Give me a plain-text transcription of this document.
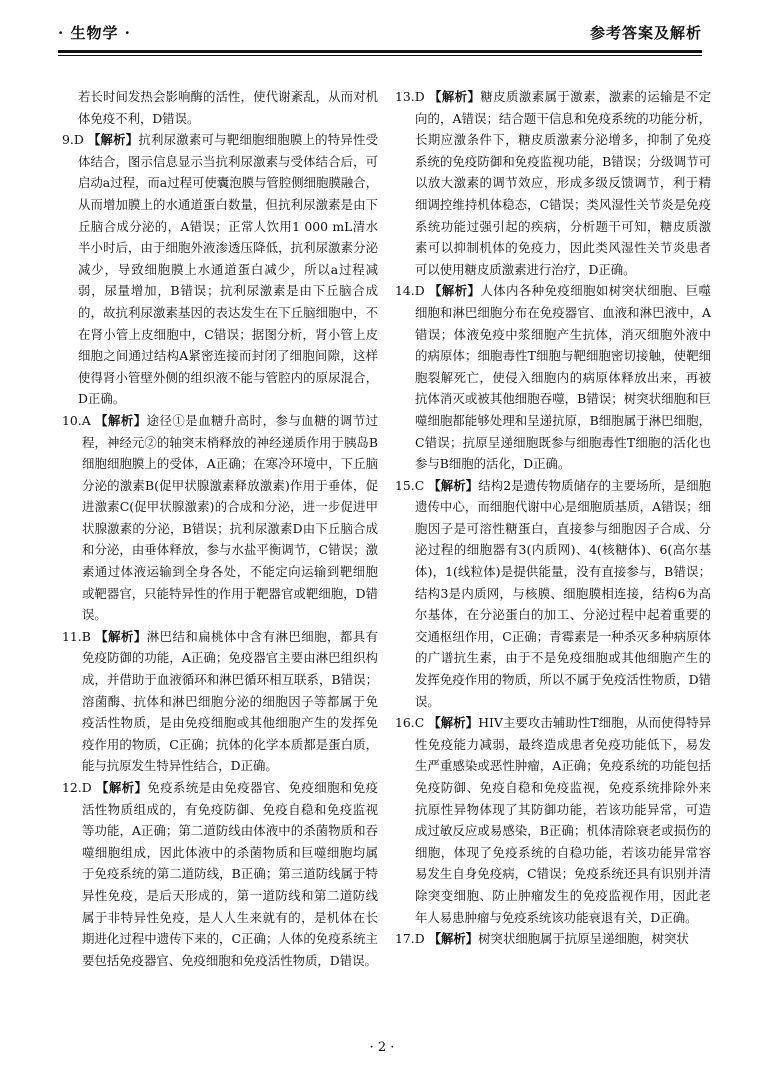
· 生物学 ·	参考答案及解析

若长时间发热会影响酶的活性，使代谢紊乱，从而对机体免疫不利，D错误。

9.D 【解析】抗利尿激素可与靶细胞细胞膜上的特异性受体结合，图示信息显示当抗利尿激素与受体结合后，可启动a过程，而a过程可使囊泡膜与管腔侧细胞膜融合，从而增加膜上的水通道蛋白数量，但抗利尿激素是由下丘脑合成分泌的，A错误；正常人饮用1 000 mL清水半小时后，由于细胞外液渗透压降低，抗利尿激素分泌减少，导致细胞膜上水通道蛋白减少，所以a过程减弱，尿量增加，B错误；抗利尿激素是由下丘脑合成的，故抗利尿激素基因的表达发生在下丘脑细胞中，不在肾小管上皮细胞中，C错误；据图分析，肾小管上皮细胞之间通过结构A紧密连接而封闭了细胞间隙，这样使得肾小管壁外侧的组织液不能与管腔内的原尿混合，D正确。

10.A 【解析】途径①是血糖升高时，参与血糖的调节过程，神经元②的轴突末梢释放的神经递质作用于胰岛B细胞细胞膜上的受体，A正确；在寒冷环境中，下丘脑分泌的激素B(促甲状腺激素释放激素)作用于垂体，促进激素C(促甲状腺激素)的合成和分泌，进一步促进甲状腺激素的分泌，B错误；抗利尿激素D由下丘脑合成和分泌，由垂体释放，参与水盐平衡调节，C错误；激素通过体液运输到全身各处，不能定向运输到靶细胞或靶器官，只能特异性的作用于靶器官或靶细胞，D错误。

11.B 【解析】淋巴结和扁桃体中含有淋巴细胞，都具有免疫防御的功能，A正确；免疫器官主要由淋巴组织构成，并借助于血液循环和淋巴循环相互联系，B错误；溶菌酶、抗体和淋巴细胞分泌的细胞因子等都属于免疫活性物质，是由免疫细胞或其他细胞产生的发挥免疫作用的物质，C正确；抗体的化学本质都是蛋白质，能与抗原发生特异性结合，D正确。

12.D 【解析】免疫系统是由免疫器官、免疫细胞和免疫活性物质组成的，有免疫防御、免疫自稳和免疫监视等功能，A正确；第二道防线由体液中的杀菌物质和吞噬细胞组成，因此体液中的杀菌物质和巨噬细胞均属于免疫系统的第二道防线，B正确；第三道防线属于特异性免疫，是后天形成的，第一道防线和第二道防线属于非特异性免疫，是人人生来就有的，是机体在长期进化过程中遗传下来的，C正确；人体的免疫系统主要包括免疫器官、免疫细胞和免疫活性物质，D错误。

13.D 【解析】糖皮质激素属于激素，激素的运输是不定向的，A错误；结合题干信息和免疫系统的功能分析，长期应激条件下，糖皮质激素分泌增多，抑制了免疫系统的免疫防御和免疫监视功能，B错误；分级调节可以放大激素的调节效应，形成多级反馈调节，利于精细调控维持机体稳态，C错误；类风湿性关节炎是免疫系统功能过强引起的疾病，分析题干可知，糖皮质激素可以抑制机体的免疫力，因此类风湿性关节炎患者可以使用糖皮质激素进行治疗，D正确。

14.D 【解析】人体内各种免疫细胞如树突状细胞、巨噬细胞和淋巴细胞分布在免疫器官、血液和淋巴液中，A错误；体液免疫中浆细胞产生抗体，消灭细胞外液中的病原体；细胞毒性T细胞与靶细胞密切接触，使靶细胞裂解死亡，使侵入细胞内的病原体释放出来，再被抗体消灭或被其他细胞吞噬，B错误；树突状细胞和巨噬细胞都能够处理和呈递抗原，B细胞属于淋巴细胞，C错误；抗原呈递细胞既参与细胞毒性T细胞的活化也参与B细胞的活化，D正确。

15.C 【解析】结构2是遗传物质储存的主要场所，是细胞遗传中心，而细胞代谢中心是细胞质基质，A错误；细胞因子是可溶性糖蛋白，直接参与细胞因子合成、分泌过程的细胞器有3(内质网)、4(核糖体)、6(高尔基体)，1(线粒体)是提供能量，没有直接参与，B错误；结构3是内质网，与核膜、细胞膜相连接，结构6为高尔基体，在分泌蛋白的加工、分泌过程中起着重要的交通枢纽作用，C正确；青霉素是一种杀灭多种病原体的广谱抗生素，由于不是免疫细胞或其他细胞产生的发挥免疫作用的物质，所以不属于免疫活性物质，D错误。

16.C 【解析】HIV主要攻击辅助性T细胞，从而使得特异性免疫能力减弱，最终造成患者免疫功能低下，易发生严重感染或恶性肿瘤，A正确；免疫系统的功能包括免疫防御、免疫自稳和免疫监视，免疫系统排除外来抗原性异物体现了其防御功能，若该功能异常，可造成过敏反应或易感染，B正确；机体清除衰老或损伤的细胞，体现了免疫系统的自稳功能，若该功能异常容易发生自身免疫病，C错误；免疫系统还具有识别并清除突变细胞、防止肿瘤发生的免疫监视作用，因此老年人易患肿瘤与免疫系统该功能衰退有关，D正确。

17.D 【解析】树突状细胞属于抗原呈递细胞，树突状

· 2 ·
